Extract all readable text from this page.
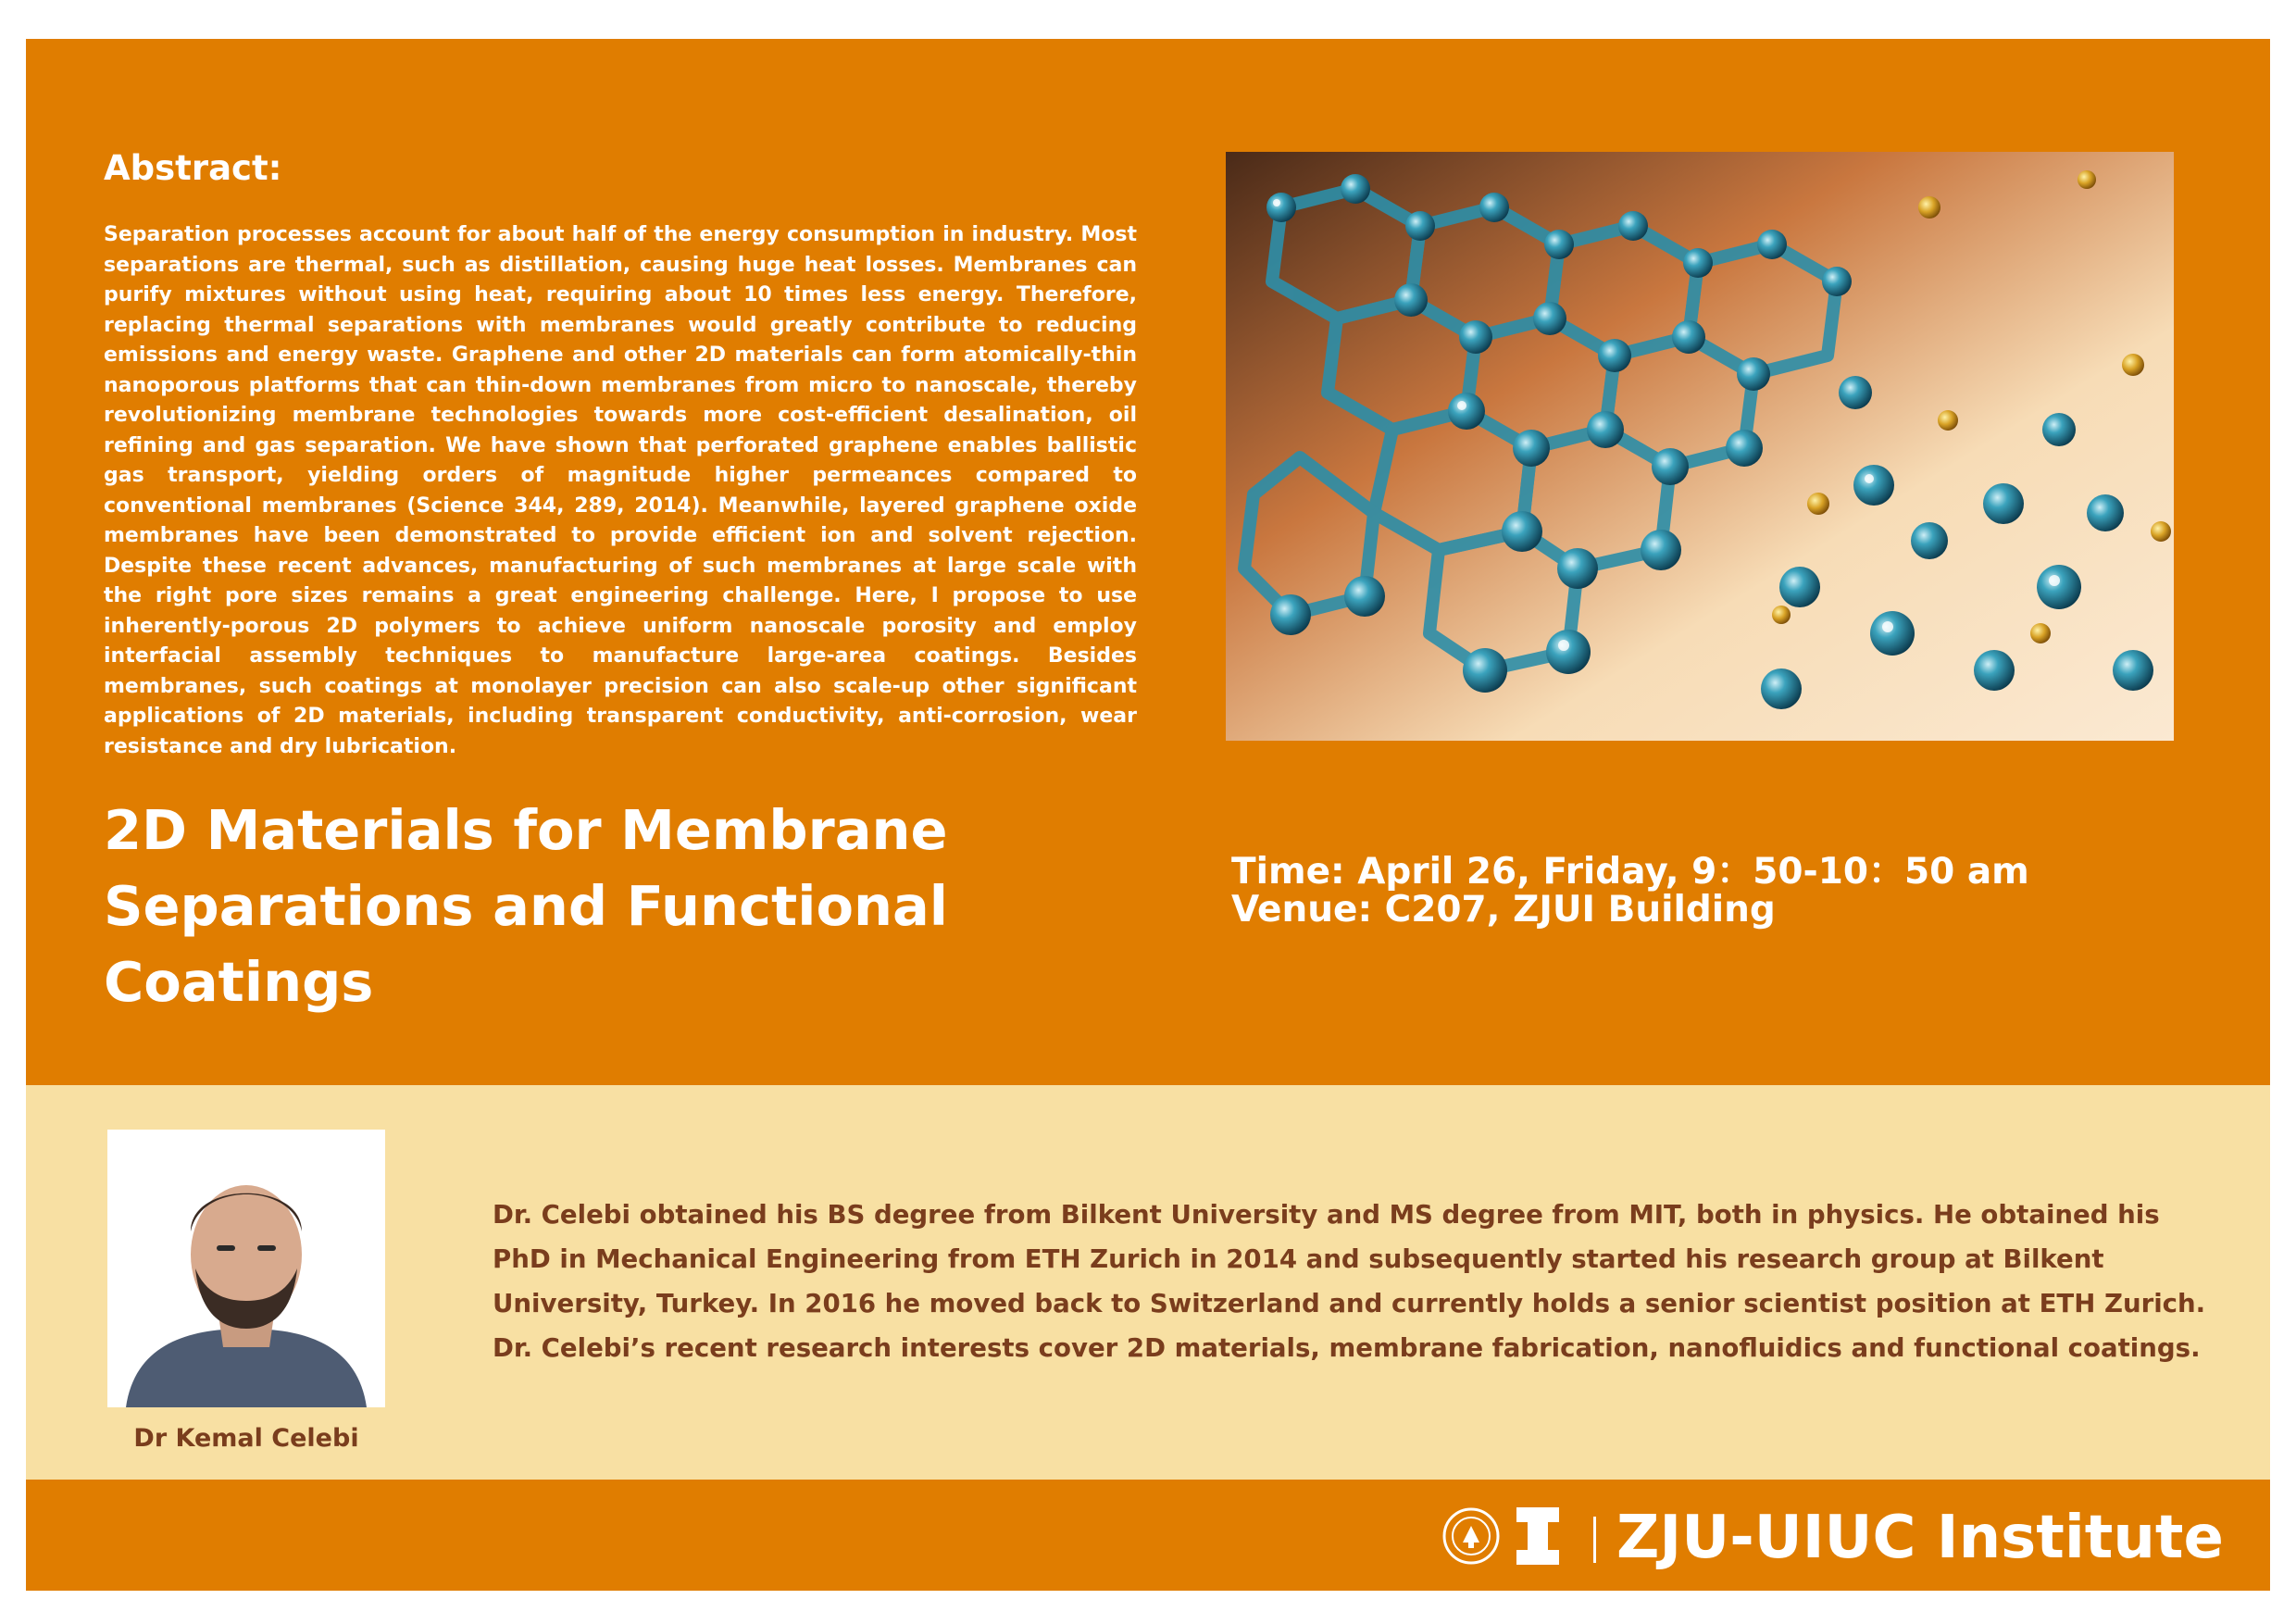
Abstract:

Separation processes account for about half of the energy consumption in industry. Most separations are thermal, such as distillation, causing huge heat losses. Membranes can purify mixtures without using heat, requiring about 10 times less energy. Therefore, replacing thermal separations with membranes would greatly contribute to reducing emissions and energy waste. Graphene and other 2D materials can form atomically-thin nanoporous platforms that can thin-down membranes from micro to nanoscale, thereby revolutionizing membrane technologies towards more cost-efficient desalination, oil refining and gas separation. We have shown that perforated graphene enables ballistic gas transport, yielding orders of magnitude higher permeances compared to conventional membranes (Science 344, 289, 2014). Meanwhile, layered graphene oxide membranes have been demonstrated to provide efficient ion and solvent rejection. Despite these recent advances, manufacturing of such membranes at large scale with the right pore sizes remains a great engineering challenge. Here, I propose to use inherently-porous 2D polymers to achieve uniform nanoscale porosity and employ interfacial assembly techniques to manufacture large-area coatings. Besides membranes, such coatings at monolayer precision can also scale-up other significant applications of 2D materials, including transparent conductivity, anti-corrosion, wear resistance and dry lubrication.

2D Materials for Membrane Separations and Functional Coatings
Time: April 26, Friday, 9：50-10：50 am
Venue: C207, ZJUI Building
Dr Kemal Celebi

Dr. Celebi obtained his BS degree from Bilkent University and MS degree from MIT, both in physics. He obtained his PhD in Mechanical Engineering from ETH Zurich in 2014 and subsequently started his research group at Bilkent University, Turkey. In 2016 he moved back to Switzerland and currently holds a senior scientist position at ETH Zurich. Dr. Celebi’s recent research interests cover 2D materials, membrane fabrication, nanofluidics and functional coatings.

ZJU-UIUC Institute
